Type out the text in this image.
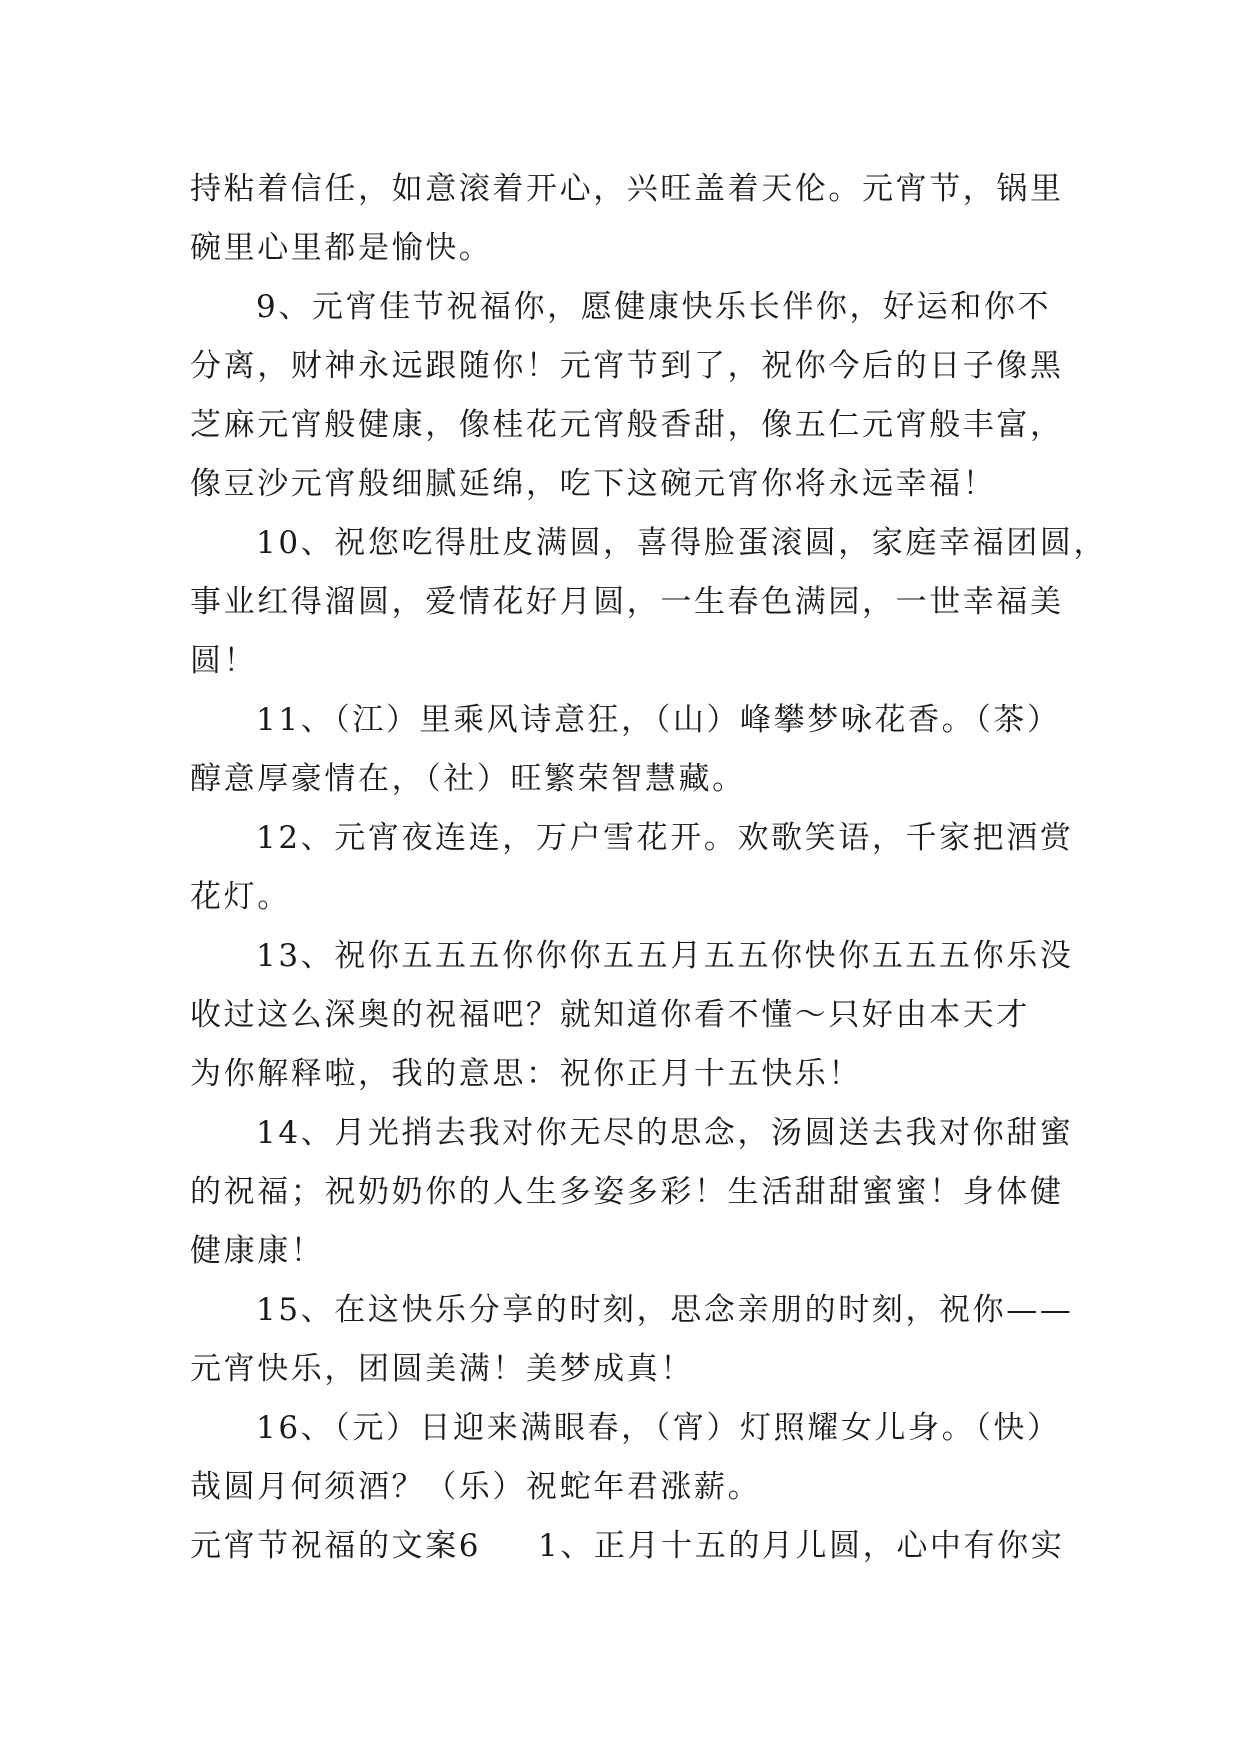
持粘着信任，如意滚着开心，兴旺盖着天伦。元宵节，锅里
碗里心里都是愉快。
9、元宵佳节祝福你，愿健康快乐长伴你，好运和你不
分离，财神永远跟随你！元宵节到了，祝你今后的日子像黑
芝麻元宵般健康，像桂花元宵般香甜，像五仁元宵般丰富，
像豆沙元宵般细腻延绵，吃下这碗元宵你将永远幸福！
10、祝您吃得肚皮满圆，喜得脸蛋滚圆，家庭幸福团圆，
事业红得溜圆，爱情花好月圆，一生春色满园，一世幸福美
圆！
11、（江）里乘风诗意狂，（山）峰攀梦咏花香。（茶）
醇意厚豪情在，（社）旺繁荣智慧藏。
12、元宵夜连连，万户雪花开。欢歌笑语，千家把酒赏
花灯。
13、祝你五五五你你你五五月五五你快你五五五你乐没
收过这么深奥的祝福吧？就知道你看不懂～只好由本天才
为你解释啦，我的意思：祝你正月十五快乐！
14、月光捎去我对你无尽的思念，汤圆送去我对你甜蜜
的祝福；祝奶奶你的人生多姿多彩！生活甜甜蜜蜜！身体健
健康康！
15、在这快乐分享的时刻，思念亲朋的时刻，祝你——
元宵快乐，团圆美满！美梦成真！
16、（元）日迎来满眼春，（宵）灯照耀女儿身。（快）
哉圆月何须酒？（乐）祝蛇年君涨薪。
元宵节祝福的文案6 1、正月十五的月儿圆，心中有你实
